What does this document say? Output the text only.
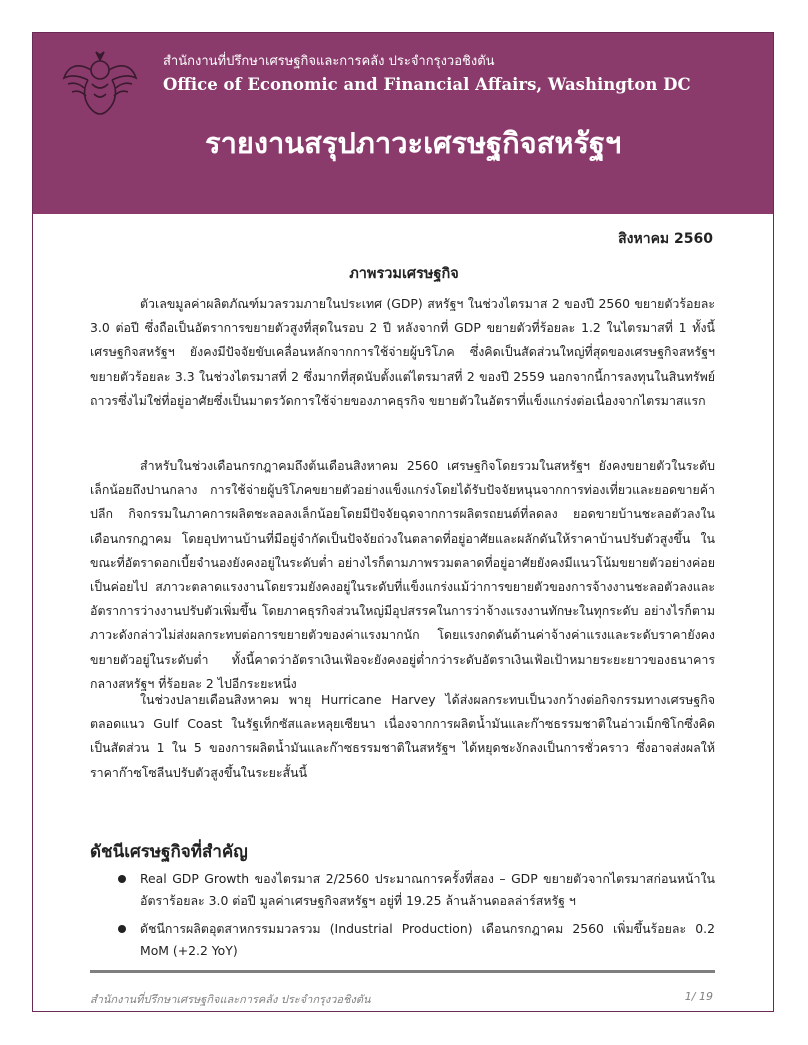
สำนักงานที่ปรึกษาเศรษฐกิจและการคลัง ประจำกรุงวอชิงตัน
Office of Economic and Financial Affairs, Washington DC
รายงานสรุปภาวะเศรษฐกิจสหรัฐฯ
สิงหาคม 2560
ภาพรวมเศรษฐกิจ

ตัวเลขมูลค่าผลิตภัณฑ์มวลรวมภายในประเทศ (GDP) สหรัฐฯ ในช่วงไตรมาส 2 ของปี 2560 ขยายตัวร้อยละ 3.0 ต่อปี ซึ่งถือเป็นอัตราการขยายตัวสูงที่สุดในรอบ 2 ปี หลังจากที่ GDP ขยายตัวที่ร้อยละ 1.2 ในไตรมาสที่ 1 ทั้งนี้เศรษฐกิจสหรัฐฯ ยังคงมีปัจจัยขับเคลื่อนหลักจากการใช้จ่ายผู้บริโภค ซึ่งคิดเป็นสัดส่วนใหญ่ที่สุดของเศรษฐกิจสหรัฐฯ ขยายตัวร้อยละ 3.3 ในช่วงไตรมาสที่ 2 ซึ่งมากที่สุดนับตั้งแต่ไตรมาสที่ 2 ของปี 2559 นอกจากนี้การลงทุนในสินทรัพย์ถาวรซึ่งไม่ใช่ที่อยู่อาศัยซึ่งเป็นมาตรวัดการใช้จ่ายของภาคธุรกิจ ขยายตัวในอัตราที่แข็งแกร่งต่อเนื่องจากไตรมาสแรก

สำหรับในช่วงเดือนกรกฎาคมถึงต้นเดือนสิงหาคม 2560 เศรษฐกิจโดยรวมในสหรัฐฯ ยังคงขยายตัวในระดับเล็กน้อยถึงปานกลาง การใช้จ่ายผู้บริโภคขยายตัวอย่างแข็งแกร่งโดยได้รับปัจจัยหนุนจากการท่องเที่ยวและยอดขายค้าปลีก กิจกรรมในภาคการผลิตชะลอลงเล็กน้อยโดยมีปัจจัยฉุดจากการผลิตรถยนต์ที่ลดลง ยอดขายบ้านชะลอตัวลงในเดือนกรกฎาคม โดยอุปทานบ้านที่มีอยู่จำกัดเป็นปัจจัยถ่วงในตลาดที่อยู่อาศัยและผลักดันให้ราคาบ้านปรับตัวสูงขึ้น ในขณะที่อัตราดอกเบี้ยจำนองยังคงอยู่ในระดับต่ำ อย่างไรก็ตามภาพรวมตลาดที่อยู่อาศัยยังคงมีแนวโน้มขยายตัวอย่างค่อยเป็นค่อยไป สภาวะตลาดแรงงานโดยรวมยังคงอยู่ในระดับที่แข็งแกร่งแม้ว่าการขยายตัวของการจ้างงานชะลอตัวลงและอัตราการว่างงานปรับตัวเพิ่มขึ้น โดยภาคธุรกิจส่วนใหญ่มีอุปสรรคในการว่าจ้างแรงงานทักษะในทุกระดับ อย่างไรก็ตามภาวะดังกล่าวไม่ส่งผลกระทบต่อการขยายตัวของค่าแรงมากนัก โดยแรงกดดันด้านค่าจ้างค่าแรงและระดับราคายังคงขยายตัวอยู่ในระดับต่ำ ทั้งนี้คาดว่าอัตราเงินเฟ้อจะยังคงอยู่ต่ำกว่าระดับอัตราเงินเฟ้อเป้าหมายระยะยาวของธนาคารกลางสหรัฐฯ ที่ร้อยละ 2 ไปอีกระยะหนึ่ง

ในช่วงปลายเดือนสิงหาคม พายุ Hurricane Harvey ได้ส่งผลกระทบเป็นวงกว้างต่อกิจกรรมทางเศรษฐกิจตลอดแนว Gulf Coast ในรัฐเท็กซัสและหลุยเซียนา เนื่องจากการผลิตน้ำมันและก๊าซธรรมชาติในอ่าวเม็กซิโกซึ่งคิดเป็นสัดส่วน 1 ใน 5 ของการผลิตน้ำมันและก๊าซธรรมชาติในสหรัฐฯ ได้หยุดชะงักลงเป็นการชั่วคราว ซึ่งอาจส่งผลให้ราคาก๊าซโซลีนปรับตัวสูงขึ้นในระยะสั้นนี้

ดัชนีเศรษฐกิจที่สำคัญ
Real GDP Growth ของไตรมาส 2/2560 ประมาณการครั้งที่สอง – GDP ขยายตัวจากไตรมาสก่อนหน้าในอัตราร้อยละ 3.0 ต่อปี มูลค่าเศรษฐกิจสหรัฐฯ อยู่ที่ 19.25 ล้านล้านดอลล่าร์สหรัฐ ฯ
ดัชนีการผลิตอุตสาหกรรมมวลรวม (Industrial Production) เดือนกรกฎาคม 2560 เพิ่มขึ้นร้อยละ 0.2 MoM (+2.2 YoY)
สำนักงานที่ปรึกษาเศรษฐกิจและการคลัง ประจำกรุงวอชิงตัน	1/ 19
